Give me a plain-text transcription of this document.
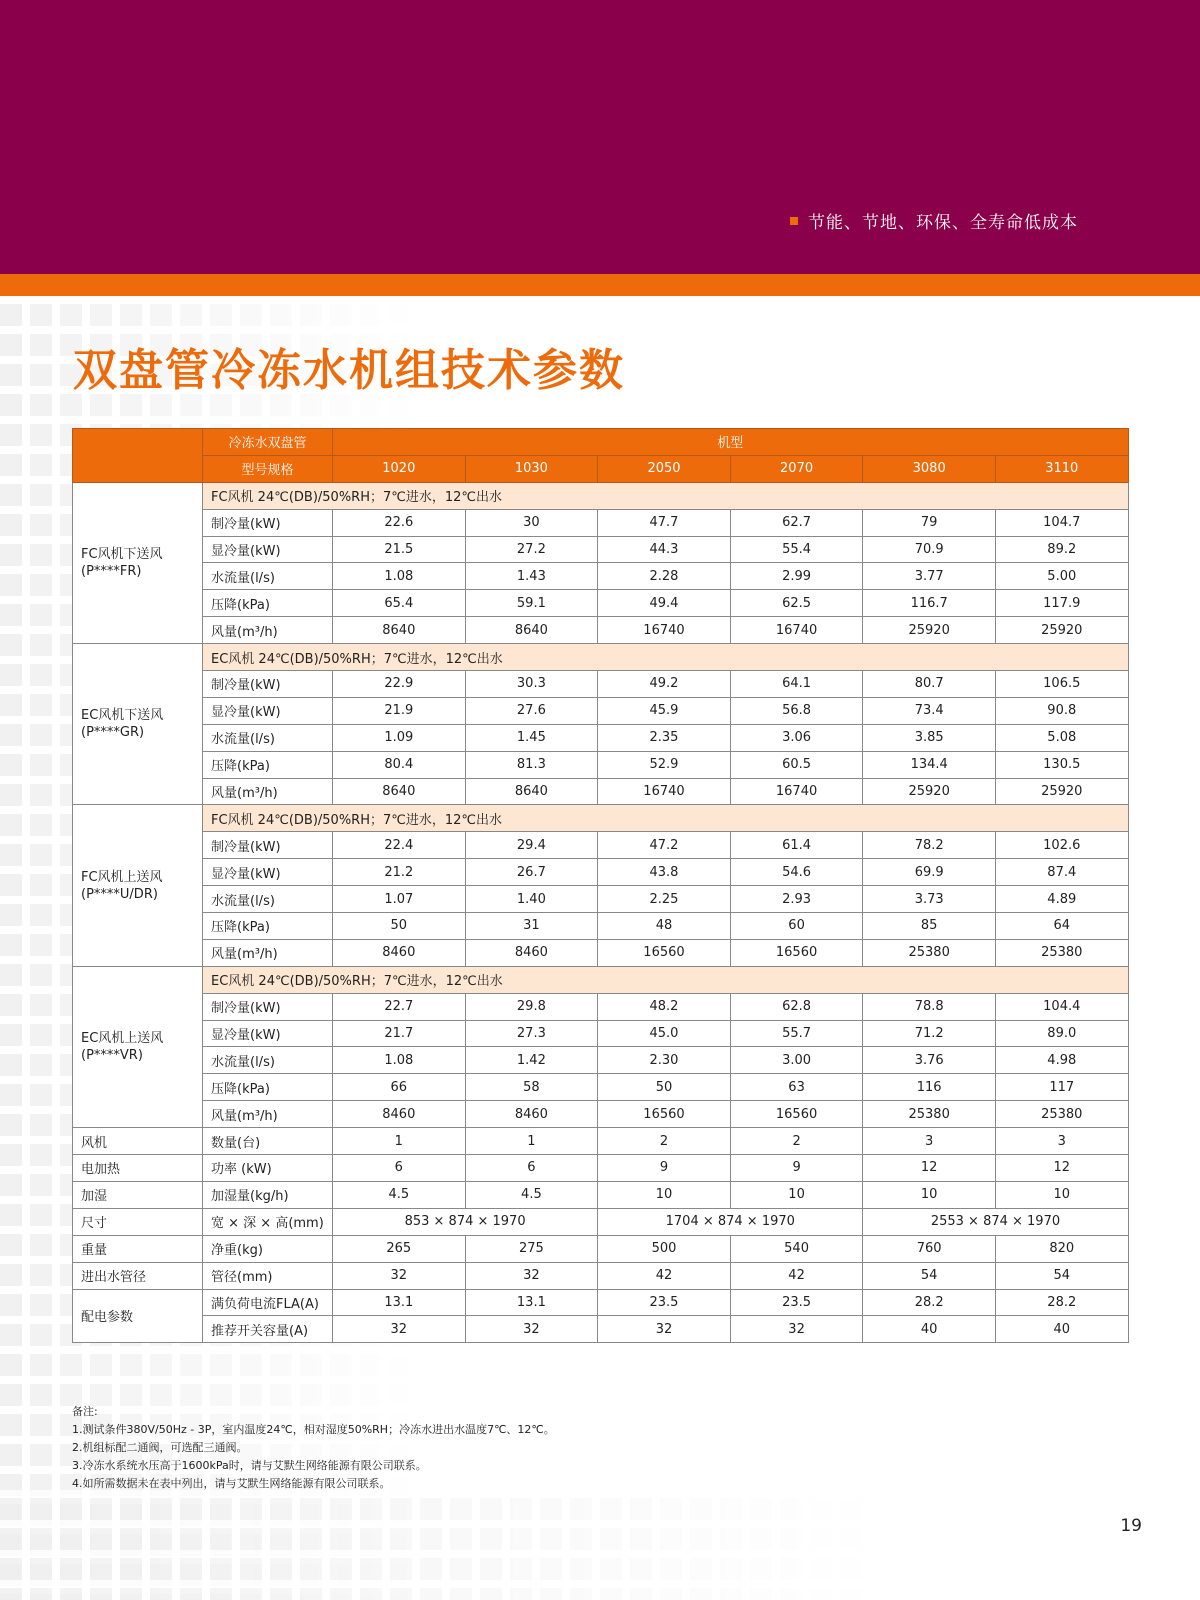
节能、节地、环保、全寿命低成本
双盘管冷冻水机组技术参数
	冷冻水双盘管	机型					
	型号规格	1020	1030	2050	2070	3080	3110
FC风机下送风
(P****FR)	FC风机 24℃(DB)/50%RH；7℃进水，12℃出水						
	制冷量(kW)	22.6	30	47.7	62.7	79	104.7
	显冷量(kW)	21.5	27.2	44.3	55.4	70.9	89.2
	水流量(l/s)	1.08	1.43	2.28	2.99	3.77	5.00
	压降(kPa)	65.4	59.1	49.4	62.5	116.7	117.9
	风量(m³/h)	8640	8640	16740	16740	25920	25920
EC风机下送风
(P****GR)	EC风机 24℃(DB)/50%RH；7℃进水，12℃出水						
	制冷量(kW)	22.9	30.3	49.2	64.1	80.7	106.5
	显冷量(kW)	21.9	27.6	45.9	56.8	73.4	90.8
	水流量(l/s)	1.09	1.45	2.35	3.06	3.85	5.08
	压降(kPa)	80.4	81.3	52.9	60.5	134.4	130.5
	风量(m³/h)	8640	8640	16740	16740	25920	25920
FC风机上送风
(P****U/DR)	FC风机 24℃(DB)/50%RH；7℃进水，12℃出水						
	制冷量(kW)	22.4	29.4	47.2	61.4	78.2	102.6
	显冷量(kW)	21.2	26.7	43.8	54.6	69.9	87.4
	水流量(l/s)	1.07	1.40	2.25	2.93	3.73	4.89
	压降(kPa)	50	31	48	60	85	64
	风量(m³/h)	8460	8460	16560	16560	25380	25380
EC风机上送风
(P****VR)	EC风机 24℃(DB)/50%RH；7℃进水，12℃出水						
	制冷量(kW)	22.7	29.8	48.2	62.8	78.8	104.4
	显冷量(kW)	21.7	27.3	45.0	55.7	71.2	89.0
	水流量(l/s)	1.08	1.42	2.30	3.00	3.76	4.98
	压降(kPa)	66	58	50	63	116	117
	风量(m³/h)	8460	8460	16560	16560	25380	25380
风机	数量(台)	1	1	2	2	3	3
电加热	功率 (kW)	6	6	9	9	12	12
加湿	加湿量(kg/h)	4.5	4.5	10	10	10	10
尺寸	宽 × 深 × 高(mm)	853 × 874 × 1970		1704 × 874 × 1970		2553 × 874 × 1970	
重量	净重(kg)	265	275	500	540	760	820
进出水管径	管径(mm)	32	32	42	42	54	54
配电参数	满负荷电流FLA(A)	13.1	13.1	23.5	23.5	28.2	28.2
	推荐开关容量(A)	32	32	32	32	40	40
备注:
1.测试条件380V/50Hz - 3P，室内温度24℃，相对湿度50%RH；冷冻水进出水温度7℃、12℃。
2.机组标配二通阀，可选配三通阀。
3.冷冻水系统水压高于1600kPa时，请与艾默生网络能源有限公司联系。
4.如所需数据未在表中列出，请与艾默生网络能源有限公司联系。
19
